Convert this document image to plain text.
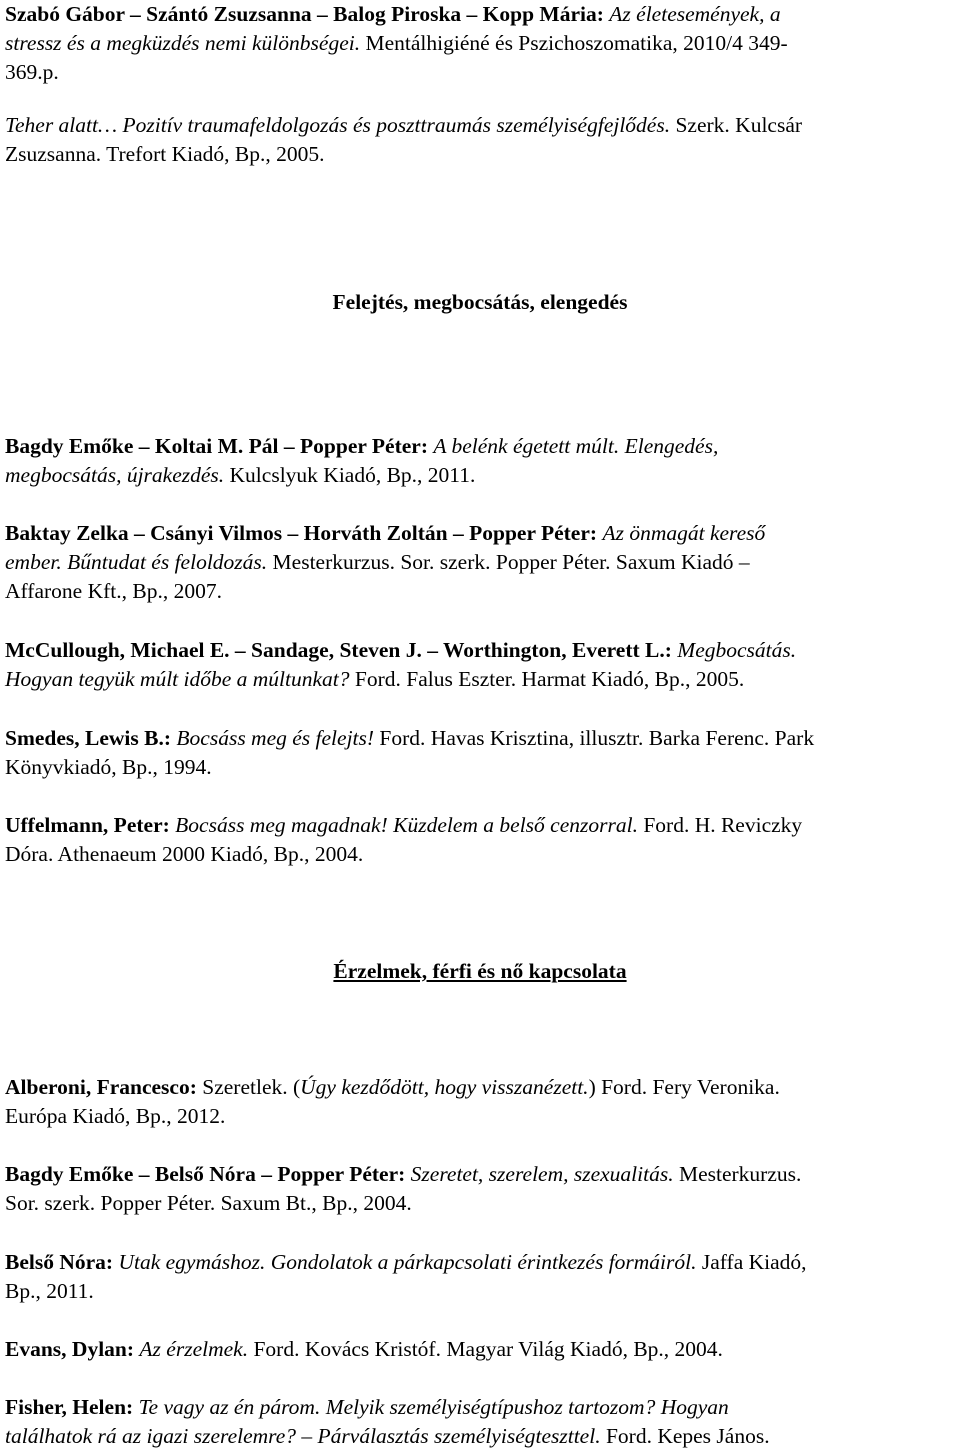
Szabó Gábor – Szántó Zsuzsanna – Balog Piroska – Kopp Mária: Az életesemények, a
stressz és a megküzdés nemi különbségei. Mentálhigiéné és Pszichoszomatika, 2010/4 349-
369.p.
Teher alatt… Pozitív traumafeldolgozás és poszttraumás személyiségfejlődés. Szerk. Kulcsár
Zsuzsanna. Trefort Kiadó, Bp., 2005.
Felejtés, megbocsátás, elengedés
Bagdy Emőke – Koltai M. Pál – Popper Péter: A belénk égetett múlt. Elengedés,
megbocsátás, újrakezdés. Kulcslyuk Kiadó, Bp., 2011.
Baktay Zelka – Csányi Vilmos – Horváth Zoltán – Popper Péter: Az önmagát kereső
ember. Bűntudat és feloldozás. Mesterkurzus. Sor. szerk. Popper Péter. Saxum Kiadó –
Affarone Kft., Bp., 2007.
McCullough, Michael E. – Sandage, Steven J. – Worthington, Everett L.: Megbocsátás.
Hogyan tegyük múlt időbe a múltunkat? Ford. Falus Eszter. Harmat Kiadó, Bp., 2005.
Smedes, Lewis B.: Bocsáss meg és felejts! Ford. Havas Krisztina, illusztr. Barka Ferenc. Park
Könyvkiadó, Bp., 1994.
Uffelmann, Peter: Bocsáss meg magadnak! Küzdelem a belső cenzorral. Ford. H. Reviczky
Dóra. Athenaeum 2000 Kiadó, Bp., 2004.
Érzelmek, férfi és nő kapcsolata
Alberoni, Francesco: Szeretlek. (Úgy kezdődött, hogy visszanézett.) Ford. Fery Veronika.
Európa Kiadó, Bp., 2012.
Bagdy Emőke – Belső Nóra – Popper Péter: Szeretet, szerelem, szexualitás. Mesterkurzus.
Sor. szerk. Popper Péter. Saxum Bt., Bp., 2004.
Belső Nóra: Utak egymáshoz. Gondolatok a párkapcsolati érintkezés formáiról. Jaffa Kiadó,
Bp., 2011.
Evans, Dylan: Az érzelmek. Ford. Kovács Kristóf. Magyar Világ Kiadó, Bp., 2004.
Fisher, Helen: Te vagy az én párom. Melyik személyiségtípushoz tartozom? Hogyan
találhatok rá az igazi szerelemre? – Párválasztás személyiségteszttel. Ford. Kepes János.
